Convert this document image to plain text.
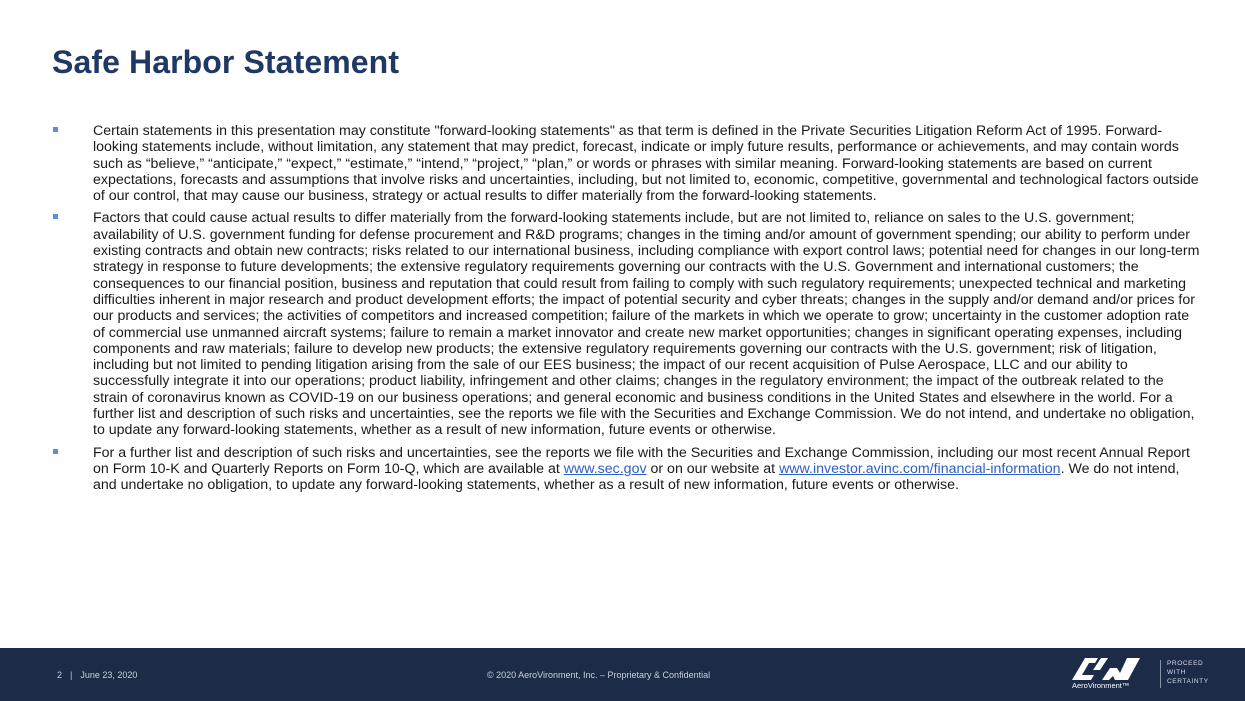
Safe Harbor Statement
Certain statements in this presentation may constitute "forward-looking statements" as that term is defined in the Private Securities Litigation Reform Act of 1995. Forward-looking statements include, without limitation, any statement that may predict, forecast, indicate or imply future results, performance or achievements, and may contain words such as “believe,” “anticipate,” “expect,” “estimate,” “intend,” “project,” “plan,” or words or phrases with similar meaning. Forward-looking statements are based on current expectations, forecasts and assumptions that involve risks and uncertainties, including, but not limited to, economic, competitive, governmental and technological factors outside of our control, that may cause our business, strategy or actual results to differ materially from the forward-looking statements.
Factors that could cause actual results to differ materially from the forward-looking statements include, but are not limited to, reliance on sales to the U.S. government; availability of U.S. government funding for defense procurement and R&D programs; changes in the timing and/or amount of government spending; our ability to perform under existing contracts and obtain new contracts; risks related to our international business, including compliance with export control laws; potential need for changes in our long-term strategy in response to future developments; the extensive regulatory requirements governing our contracts with the U.S. Government and international customers; the consequences to our financial position, business and reputation that could result from failing to comply with such regulatory requirements; unexpected technical and marketing difficulties inherent in major research and product development efforts; the impact of potential security and cyber threats; changes in the supply and/or demand and/or prices for our products and services; the activities of competitors and increased competition; failure of the markets in which we operate to grow; uncertainty in the customer adoption rate of commercial use unmanned aircraft systems; failure to remain a market innovator and create new market opportunities; changes in significant operating expenses, including components and raw materials; failure to develop new products; the extensive regulatory requirements governing our contracts with the U.S. government; risk of litigation, including but not limited to pending litigation arising from the sale of our EES business; the impact of our recent acquisition of Pulse Aerospace, LLC and our ability to successfully integrate it into our operations; product liability, infringement and other claims; changes in the regulatory environment; the impact of the outbreak related to the strain of coronavirus known as COVID-19 on our business operations; and general economic and business conditions in the United States and elsewhere in the world. For a further list and description of such risks and uncertainties, see the reports we file with the Securities and Exchange Commission. We do not intend, and undertake no obligation, to update any forward-looking statements, whether as a result of new information, future events or otherwise.
For a further list and description of such risks and uncertainties, see the reports we file with the Securities and Exchange Commission, including our most recent Annual Report on Form 10-K and Quarterly Reports on Form 10-Q, which are available at www.sec.gov or on our website at www.investor.avinc.com/financial-information. We do not intend, and undertake no obligation, to update any forward-looking statements, whether as a result of new information, future events or otherwise.
2 | June 23, 2020	© 2020 AeroVironment, Inc. – Proprietary & Confidential
AeroVironment™
PROCEED
WITH
CERTAINTY
